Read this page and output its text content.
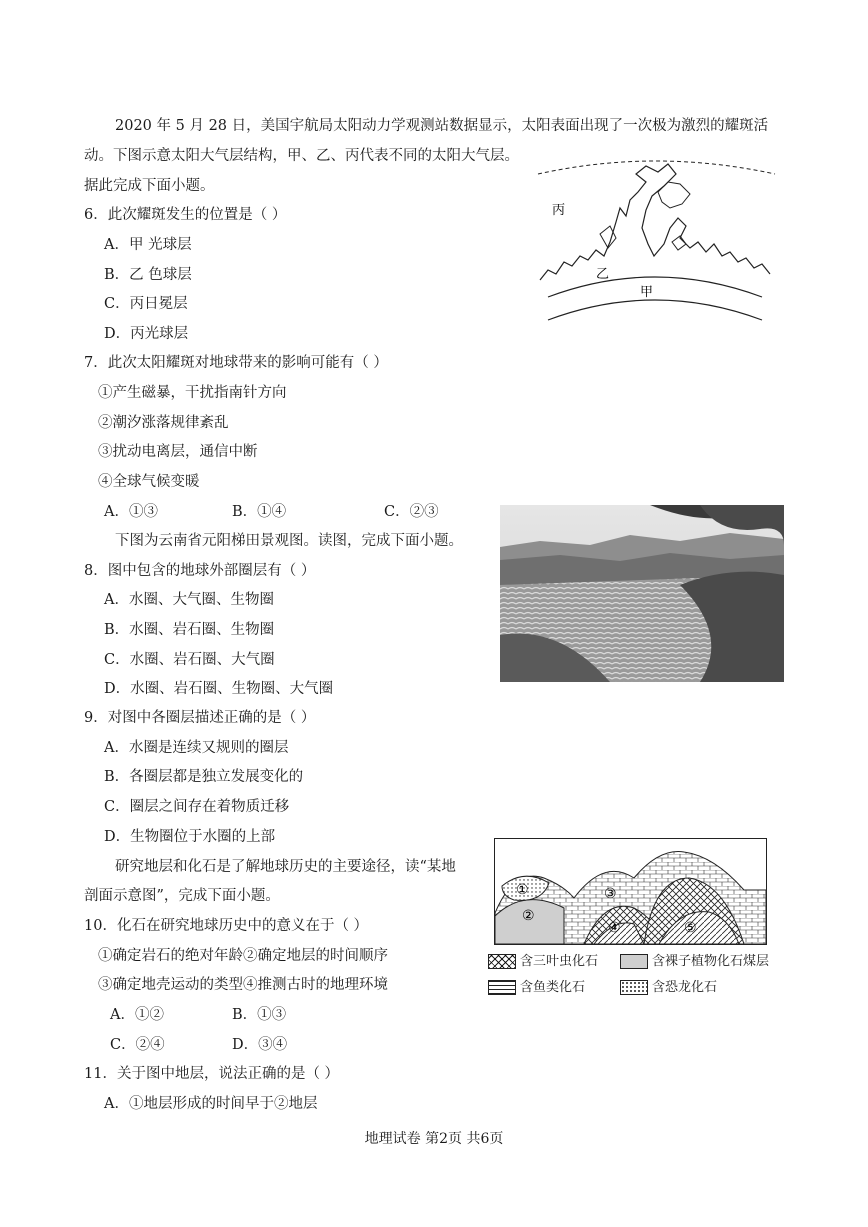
2020 年 5 月 28 日，美国宇航局太阳动力学观测站数据显示，太阳表面出现了一次极为激烈的耀斑活
动。下图示意太阳大气层结构，甲、乙、丙代表不同的太阳大气层。
据此完成下面小题。
6．此次耀斑发生的位置是（ ）
A．甲 光球层
B．乙 色球层
C．丙日冕层
D．丙光球层
7．此次太阳耀斑对地球带来的影响可能有（ ）
①产生磁暴，干扰指南针方向
②潮汐涨落规律紊乱
③扰动电离层，通信中断
④全球气候变暖
A．①③	B．①④	C．②③
下图为云南省元阳梯田景观图。读图，完成下面小题。
8．图中包含的地球外部圈层有（ ）
A．水圈、大气圈、生物圈
B．水圈、岩石圈、生物圈
C．水圈、岩石圈、大气圈
D．水圈、岩石圈、生物圈、大气圈
9．对图中各圈层描述正确的是（ ）
A．水圈是连续又规则的圈层
B．各圈层都是独立发展变化的
C．圈层之间存在着物质迁移
D．生物圈位于水圈的上部
研究地层和化石是了解地球历史的主要途径，读“某地
剖面示意图”，完成下面小题。
10．化石在研究地球历史中的意义在于（ ）
①确定岩石的绝对年龄②确定地层的时间顺序
③确定地壳运动的类型④推测古时的地理环境
A．①②	B．①③
C．②④	D．③④
11．关于图中地层，说法正确的是（ ）
A．①地层形成的时间早于②地层
丙
乙
甲
①
②
③
④	⑤
含三叶虫化石	含裸子植物化石煤层
含鱼类化石	含恐龙化石
地理试卷 第2页 共6页
